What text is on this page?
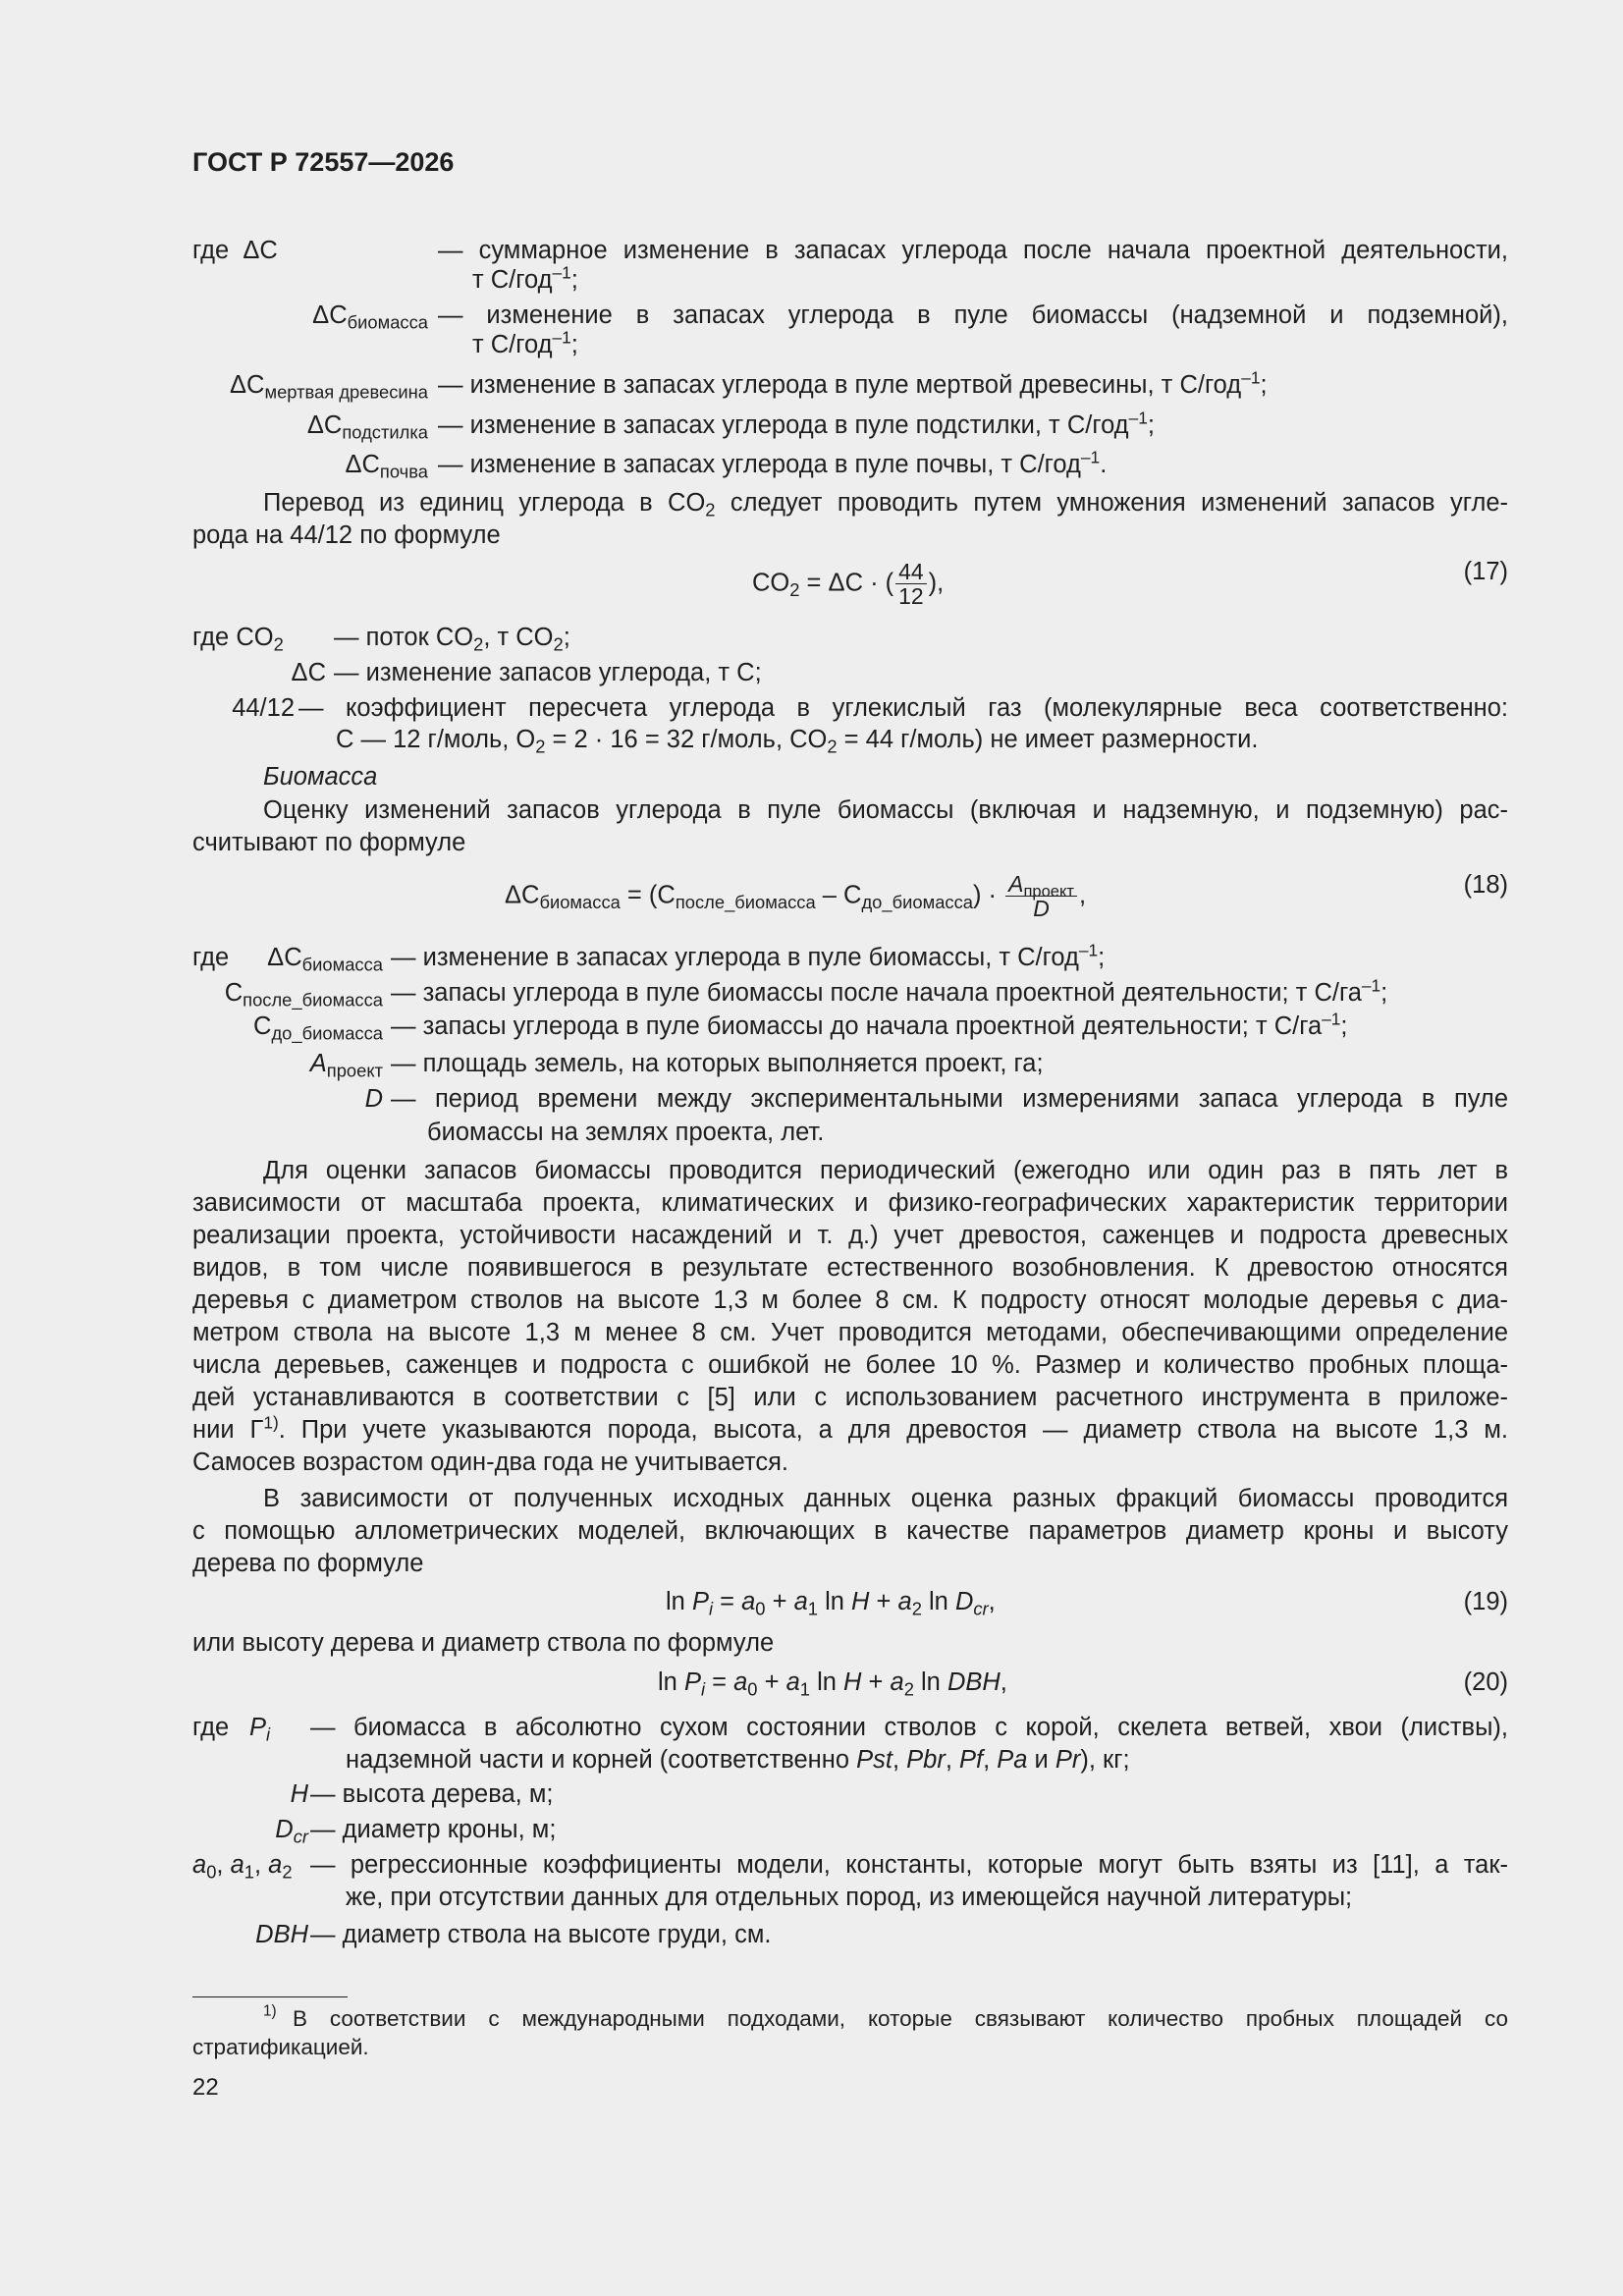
ГОСТ Р 72557—2026
где ΔC	— суммарное изменение в запасах углерода после начала проектной деятельности,
т С/год$^{-1}$;
$\Delta C_{биомасса}$ — изменение в запасах углерода в пуле биомассы (надземной и подземной),
т С/год$^{-1}$;
$\Delta C_{мертвая древесина}$ — изменение в запасах углерода в пуле мертвой древесины, т С/год$^{-1}$;
$\Delta C_{подстилка}$ — изменение в запасах углерода в пуле подстилки, т С/год$^{-1}$;
$\Delta C_{почва}$ — изменение в запасах углерода в пуле почвы, т С/год$^{-1}$.
Перевод из единиц углерода в $CO_2$ следует проводить путем умножения изменений запасов угле-
рода на 44/12 по формуле
$CO_2 = \Delta C$ · ( $\frac{44}{12}$ ),	(17)
где $CO_2$ — поток $CO_2$, т $CO_2$;
ΔC — изменение запасов углерода, т С;
44/12 — коэффициент пересчета углерода в углекислый газ (молекулярные веса соответственно:
С — 12 г/моль, $O_2 = 2 \cdot 16 = 32$ г/моль, $CO_2 = 44$ г/моль) не имеет размерности.
Биомасса
Оценку изменений запасов углерода в пуле биомассы (включая и надземную, и подземную) рас-
считывают по формуле
$\Delta C_{биомасса} = (C_{после\_биомасса} - C_{до\_биомасса}) \cdot \frac{A_{проект}}{D}$ ,	(18)
где	$\Delta C_{биомасса}$ — изменение в запасах углерода в пуле биомассы, т С/год$^{-1}$;
$C_{после\_биомасса}$ — запасы углерода в пуле биомассы после начала проектной деятельности; т $С/га^{-1}$;
$C_{до\_биомасса}$ — запасы углерода в пуле биомассы до начала проектной деятельности; т $С/га^{-1}$;
$A_{проект}$ — площадь земель, на которых выполняется проект, га;
D — период времени между экспериментальными измерениями запаса углерода в пуле
биомассы на землях проекта, лет.
Для оценки запасов биомассы проводится периодический (ежегодно или один раз в пять лет в
зависимости от масштаба проекта, климатических и физико-географических характеристик территории
реализации проекта, устойчивости насаждений и т. д.) учет древостоя, саженцев и подроста древесных
видов, в том числе появившегося в результате естественного возобновления. К древостою относятся
деревья с диаметром стволов на высоте 1,3 м более 8 см. К подросту относят молодые деревья с диа-
метром ствола на высоте 1,3 м менее 8 см. Учет проводится методами, обеспечивающими определение
числа деревьев, саженцев и подроста с ошибкой не более 10 %. Размер и количество пробных площа-
дей устанавливаются в соответствии с [5] или с использованием расчетного инструмента в приложе-
нии $Г^{1)}$. При учете указываются порода, высота, а для древостоя — диаметр ствола на высоте 1,3 м.
Самосев возрастом один-два года не учитывается.
В зависимости от полученных исходных данных оценка разных фракций биомассы проводится
с помощью аллометрических моделей, включающих в качестве параметров диаметр кроны и высоту
дерева по формуле
$\ln P_i = a_0 + a_1$ $\ln H + a_2$ $\ln D_{cr}$,	(19)
или высоту дерева и диаметр ствола по формуле
$\ln P_i = a_0 + a_1$ $\ln H + a_2$ ln DBH,	(20)
где $P_i$ — биомасса в абсолютно сухом состоянии стволов с корой, скелета ветвей, хвои (листвы),
надземной части и корней (соответственно Pst, Pbr, Pf, Pa и Pr), кг;
H — высота дерева, м;
$D_{cr}$ — диаметр кроны, м;
$a_0$, $a_1$, $a_2$ — регрессионные коэффициенты модели, константы, которые могут быть взяты из [11], а так-
же, при отсутствии данных для отдельных пород, из имеющейся научной литературы;
DBH — диаметр ствола на высоте груди, см.
$^{1)}$ В соответствии с международными подходами, которые связывают количество пробных площадей со
стратификацией.
22
